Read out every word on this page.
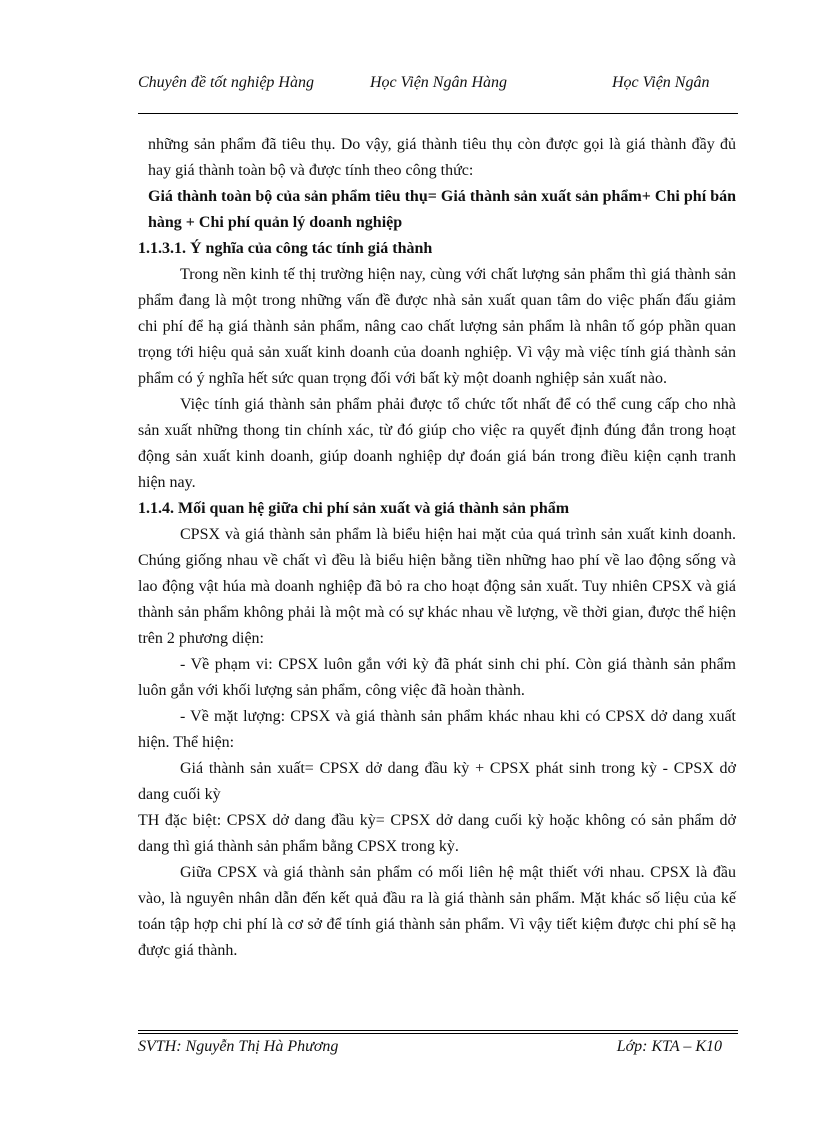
Chuyên đề tốt nghiệp Hàng	Học Viện Ngân Hàng	Học Viện Ngân

những sản phẩm đã tiêu thụ. Do vậy, giá thành tiêu thụ còn được gọi là giá thành đầy đủ hay giá thành toàn bộ và được tính theo công thức:

Giá thành toàn bộ của sản phẩm tiêu thụ= Giá thành sản xuất sản phẩm+ Chi phí bán hàng + Chi phí quản lý doanh nghiệp

1.1.3.1. Ý nghĩa của công tác tính giá thành

Trong nền kinh tế thị trường hiện nay, cùng với chất lượng sản phẩm thì giá thành sản phẩm đang là một trong những vấn đề được nhà sản xuất quan tâm do việc phấn đấu giảm chi phí để hạ giá thành sản phẩm, nâng cao chất lượng sản phẩm là nhân tố góp phần quan trọng tới hiệu quả sản xuất kinh doanh của doanh nghiệp. Vì vậy mà việc tính giá thành sản phẩm có ý nghĩa hết sức quan trọng đối với bất kỳ một doanh nghiệp sản xuất nào.

Việc tính giá thành sản phẩm phải được tổ chức tốt nhất để có thể cung cấp cho nhà sản xuất những thong tin chính xác, từ đó giúp cho việc ra quyết định đúng đắn trong hoạt động sản xuất kinh doanh, giúp doanh nghiệp dự đoán giá bán trong điều kiện cạnh tranh hiện nay.

1.1.4. Mối quan hệ giữa chi phí sản xuất và giá thành sản phẩm

CPSX và giá thành sản phẩm là biểu hiện hai mặt của quá trình sản xuất kinh doanh. Chúng giống nhau về chất vì đều là biểu hiện bằng tiền những hao phí về lao động sống và lao động vật húa mà doanh nghiệp đã bỏ ra cho hoạt động sản xuất. Tuy nhiên CPSX và giá thành sản phẩm không phải là một mà có sự khác nhau về lượng, về thời gian, được thể hiện trên 2 phương diện:

- Về phạm vi: CPSX luôn gắn với kỳ đã phát sinh chi phí. Còn giá thành sản phẩm luôn gắn với khối lượng sản phẩm, công việc đã hoàn thành.

- Về mặt lượng: CPSX và giá thành sản phẩm khác nhau khi có CPSX dở dang xuất hiện. Thể hiện:

Giá thành sản xuất= CPSX dở dang đầu kỳ + CPSX phát sinh trong kỳ - CPSX dở dang cuối kỳ

TH đặc biệt: CPSX dở dang đầu kỳ= CPSX dở dang cuối kỳ hoặc không có sản phẩm dở dang thì giá thành sản phẩm bằng CPSX trong kỳ.

Giữa CPSX và giá thành sản phẩm có mối liên hệ mật thiết với nhau. CPSX là đầu vào, là nguyên nhân dẫn đến kết quả đầu ra là giá thành sản phẩm. Mặt khác số liệu của kế toán tập hợp chi phí là cơ sở để tính giá thành sản phẩm. Vì vậy tiết kiệm được chi phí sẽ hạ được giá thành.

SVTH: Nguyễn Thị Hà Phương	Lớp: KTA – K10
